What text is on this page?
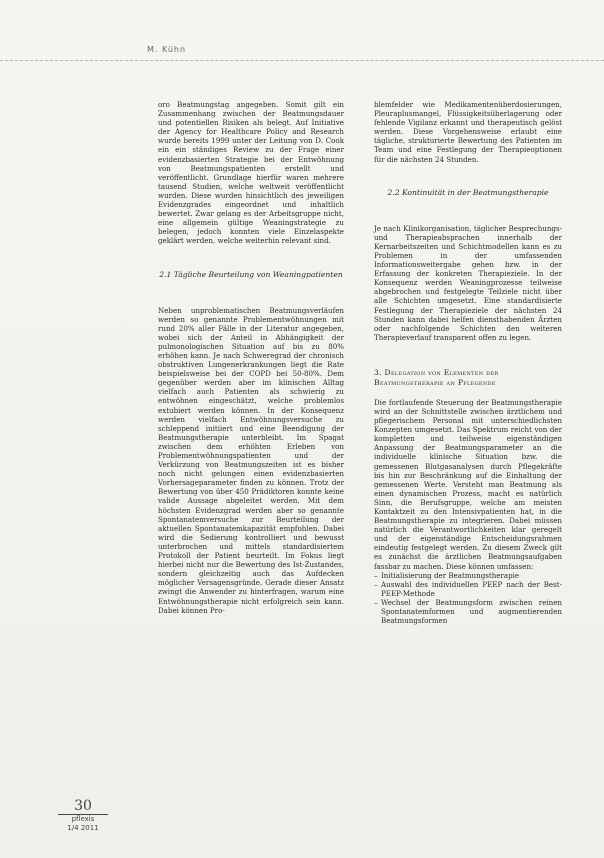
M. Kühn

oro Beatmungstag angegeben. Somit gilt ein Zusammenhang zwischen der Beatmungsdauer und potentiellen Risiken als belegt. Auf Initiative der Agency for Healthcare Policy and Research wurde bereits 1999 unter der Leitung von D. Cook ein ein ständiges Review zu der Frage einer evidenzbasierten Strategie bei der Entwöhnung von Beatmungspatienten erstellt und veröffentlicht. Grundlage hierfür waren mehrere tausend Studien, welche weltweit veröffentlicht wurden. Diese wurden hinsichtlich des jeweiligen Evidenzgrades eingeordnet und inhaltlich bewertet. Zwar gelang es der Arbeitsgruppe nicht, eine allgemein gültige Weaningstrategie zu belegen, jedoch konnten viele Einzelaspekte geklärt werden, welche weiterhin relevant sind.

2.1 Tägliche Beurteilung von Weaningpatienten

Neben unproblematischen Beatmungsverläufen werden so genannte Problementwöhnungen mit rund 20% aller Fälle in der Literatur angegeben, wobei sich der Anteil in Abhängigkeit der pulmonologischen Situation auf bis zu 80% erhöhen kann. Je nach Schweregrad der chronisch obstruktiven Lungenerkrankungen liegt die Rate beispielsweise bei der COPD bei 50-80%. Dem gegenüber werden aber im klinischen Alltag vielfach auch Patienten als schwierig zu entwöhnen eingeschätzt, welche problemlos extubiert werden können. In der Konsequenz werden vielfach Entwöhnungsversuche zu schleppend initiiert und eine Beendigung der Beatmungstherapie unterbleibt. Im Spagat zwischen dem erhöhten Erleben von Problementwöhnungspatienten und der Verkürzung von Beatmungszeiten ist es bisher noch nicht gelungen einen evidenzbasierten Vorhersageparameter finden zu können. Trotz der Bewertung von über 450 Prädiktoren konnte keine valide Aussage abgeleitet werden. Mit dem höchsten Evidenzgrad werden aber so genannte Spontanatemversuche zur Beurteilung der aktuellen Spontanatemkapazität empfohlen. Dabei wird die Sedierung kontrolliert und bewusst unterbrochen und mittels standardisiertem Protokoll der Patient beurteilt. Im Fokus liegt hierbei nicht nur die Bewertung des Ist-Zustandes, sondern gleichzeitig auch das Aufdecken möglicher Versagensgründe. Gerade dieser Ansatz zwingt die Anwender zu hinterfragen, warum eine Entwöhnungstherapie nicht erfolgreich sein kann. Dabei können Pro-

blemfelder wie Medikamentenüberdosierungen, Pleuraplusmangel, Flüssigkeitsüberlagerung oder fehlende Vigilanz erkannt und therapeutisch gelöst werden. Diese Vorgehensweise erlaubt eine tägliche, strukturierte Bewertung des Patienten im Team und eine Festlegung der Therapieoptionen für die nächsten 24 Stunden.

2.2 Kontinuität in der Beatmungstherapie

Je nach Klinikorganisation, täglicher Besprechungs- und Therapieabsprachen innerhalb der Kernarbeitszeiten und Schichtmodellen kann es zu Problemen in der umfassenden Informationsweitergabe gehen bzw. in der Erfassung der konkreten Therapieziele. In der Konsequenz werden Weaningprozesse teilweise abgebrochen und festgelegte Teilziele nicht über alle Schichten umgesetzt. Eine standardisierte Festlegung der Therapieziele der nächsten 24 Stunden kann dabei helfen diensthabenden Ärzten oder nachfolgende Schichten den weiteren Therapieverlauf transparent offen zu legen.

3. Delegation von Elementen der Beatmungstherapie an Pflegende

Die fortlaufende Steuerung der Beatmungstherapie wird an der Schnittstelle zwischen ärztlichem und pflegerischem Personal mit unterschiedlichsten Konzepten umgesetzt. Das Spektrum reicht von der kompletten und teilweise eigenständigen Anpassung der Beatmungsparameter an die individuelle klinische Situation bzw. die gemessenen Blutgasanalysen durch Pflegekräfte bis hin zur Beschränkung auf die Einhaltung der gemessenen Werte. Versteht man Beatmung als einen dynamischen Prozess, macht es natürlich Sinn, die Berufsgruppe, welche am meisten Kontaktzeit zu den Intensivpatienten hat, in die Beatmungstherapie zu integrieren. Dabei müssen natürlich die Verantwortlichkeiten klar geregelt und der eigenständige Entscheidungsrahmen eindeutig festgelegt werden. Zu diesem Zweck gilt es zunächst die ärztlichen Beatmungsaufgaben fassbar zu machen. Diese können umfassen:

– Initialisierung der Beatmungstherapie
– Auswahl des individuellen PEEP nach der Best-PEEP-Methode
– Wechsel der Beatmungsform zwischen reinen Spontanatemformen und augmentierenden Beatmungsformen
30
pflexis
1/4 2011
